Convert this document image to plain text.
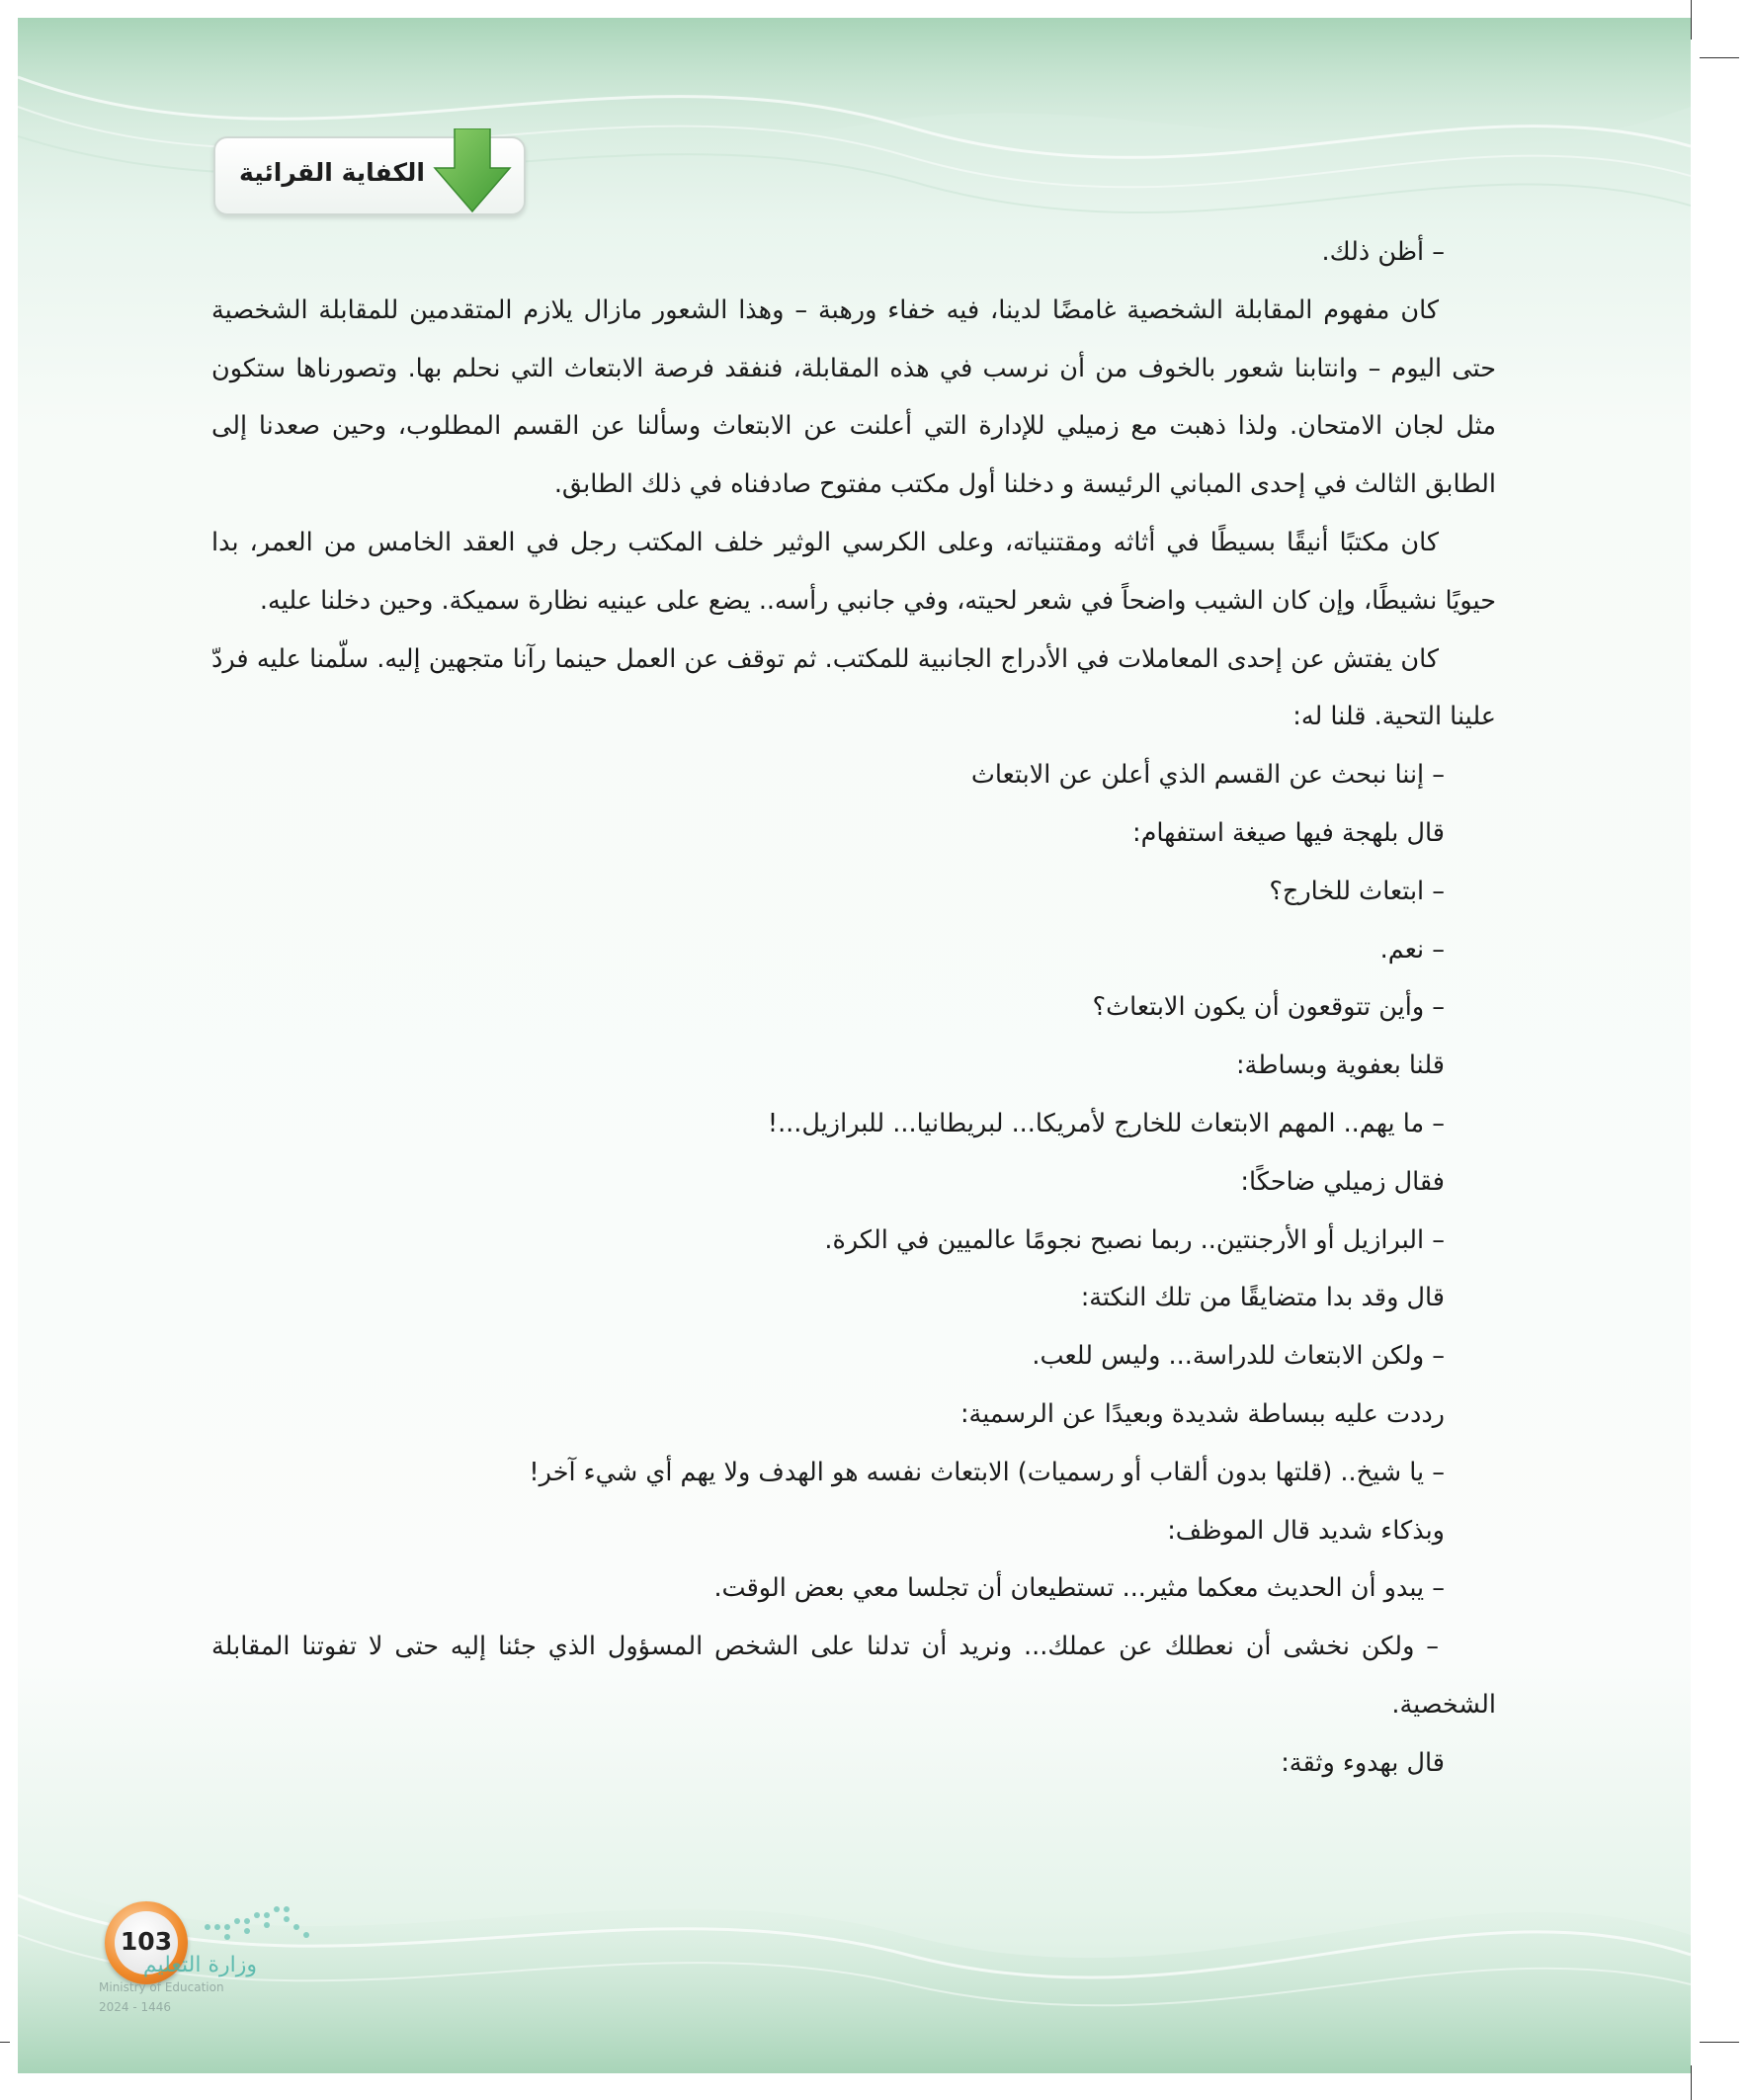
الكفاية القرائية

– أظن ذلك.

كان مفهوم المقابلة الشخصية غامضًا لدينا، فيه خفاء ورهبة – وهذا الشعور مازال يلازم المتقدمين للمقابلة الشخصية حتى اليوم – وانتابنا شعور بالخوف من أن نرسب في هذه المقابلة، فنفقد فرصة الابتعاث التي نحلم بها. وتصورناها ستكون مثل لجان الامتحان. ولذا ذهبت مع زميلي للإدارة التي أعلنت عن الابتعاث وسألنا عن القسم المطلوب، وحين صعدنا إلى الطابق الثالث في إحدى المباني الرئيسة و دخلنا أول مكتب مفتوح صادفناه في ذلك الطابق.

كان مكتبًا أنيقًا بسيطًا في أثاثه ومقتنياته، وعلى الكرسي الوثير خلف المكتب رجل في العقد الخامس من العمر، بدا حيويًا نشيطًا، وإن كان الشيب واضحاً في شعر لحيته، وفي جانبي رأسه.. يضع على عينيه نظارة سميكة. وحين دخلنا عليه.

كان يفتش عن إحدى المعاملات في الأدراج الجانبية للمكتب. ثم توقف عن العمل حينما رآنا متجهين إليه. سلّمنا عليه فردّ علينا التحية. قلنا له:

– إننا نبحث عن القسم الذي أعلن عن الابتعاث

قال بلهجة فيها صيغة استفهام:

– ابتعاث للخارج؟

– نعم.

– وأين تتوقعون أن يكون الابتعاث؟

قلنا بعفوية وبساطة:

– ما يهم.. المهم الابتعاث للخارج لأمريكا... لبريطانيا... للبرازيل...!

فقال زميلي ضاحكًا:

– البرازيل أو الأرجنتين.. ربما نصبح نجومًا عالميين في الكرة.

قال وقد بدا متضايقًا من تلك النكتة:

– ولكن الابتعاث للدراسة... وليس للعب.

رددت عليه ببساطة شديدة وبعيدًا عن الرسمية:

– يا شيخ.. (قلتها بدون ألقاب أو رسميات) الابتعاث نفسه هو الهدف ولا يهم أي شيء آخر!

وبذكاء شديد قال الموظف:

– يبدو أن الحديث معكما مثير... تستطيعان أن تجلسا معي بعض الوقت.

– ولكن نخشى أن نعطلك عن عملك... ونريد أن تدلنا على الشخص المسؤول الذي جئنا إليه حتى لا تفوتنا المقابلة الشخصية.

قال بهدوء وثقة:

103
وزارة التعليم
Ministry of Education
2024 - 1446
